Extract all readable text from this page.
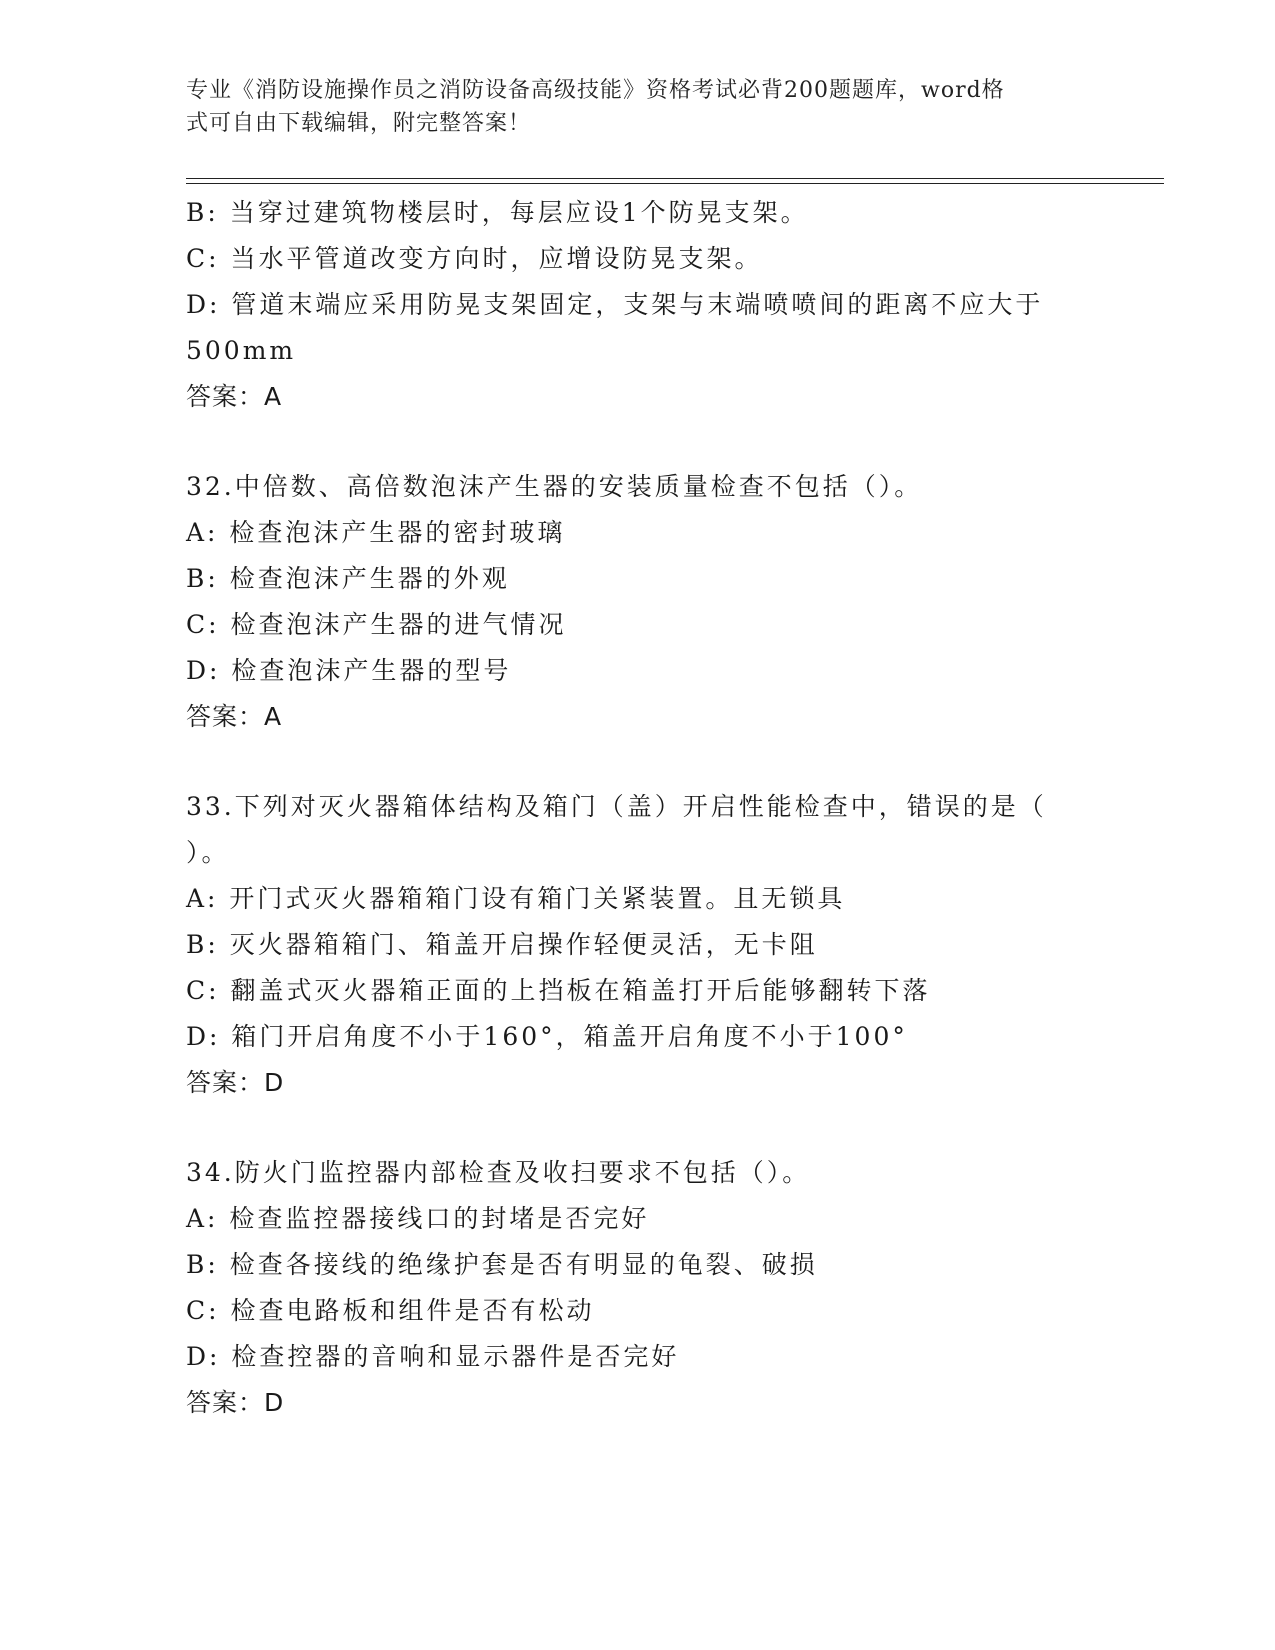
专业《消防设施操作员之消防设备高级技能》资格考试必背200题题库，word格
式可自由下载编辑，附完整答案！

B: 当穿过建筑物楼层时，每层应设1个防晃支架。

C: 当水平管道改变方向时，应增设防晃支架。

D: 管道末端应采用防晃支架固定，支架与末端喷喷间的距离不应大于

500mm

答案：A

32.中倍数、高倍数泡沫产生器的安装质量检查不包括（）。

A: 检查泡沫产生器的密封玻璃

B: 检查泡沫产生器的外观

C: 检查泡沫产生器的进气情况

D: 检查泡沫产生器的型号

答案：A

33.下列对灭火器箱体结构及箱门（盖）开启性能检查中，错误的是（

）。

A: 开门式灭火器箱箱门设有箱门关紧装置。且无锁具

B: 灭火器箱箱门、箱盖开启操作轻便灵活，无卡阻

C: 翻盖式灭火器箱正面的上挡板在箱盖打开后能够翻转下落

D: 箱门开启角度不小于160°，箱盖开启角度不小于100°

答案：D

34.防火门监控器内部检查及收扫要求不包括（）。

A: 检查监控器接线口的封堵是否完好

B: 检查各接线的绝缘护套是否有明显的龟裂、破损

C: 检查电路板和组件是否有松动

D: 检查控器的音响和显示器件是否完好

答案：D
